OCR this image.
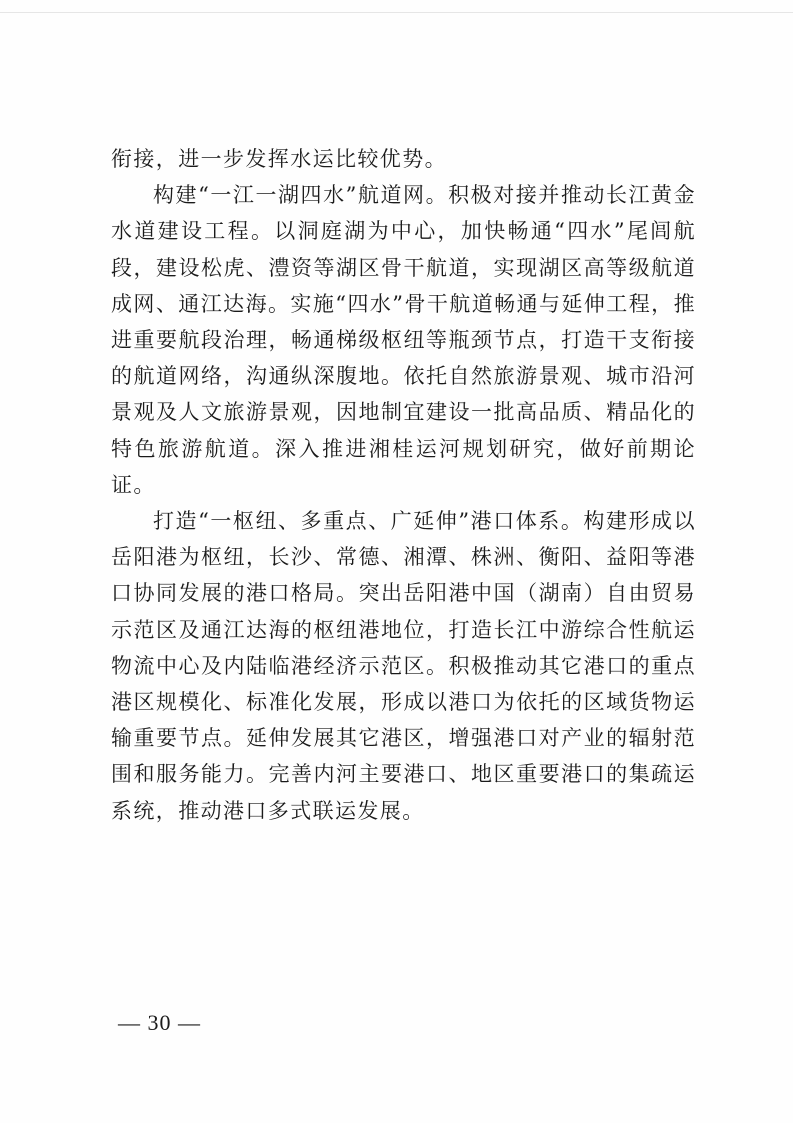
衔接，进一步发挥水运比较优势。

构建“一江一湖四水”航道网。积极对接并推动长江黄金水道建设工程。以洞庭湖为中心，加快畅通“四水”尾闾航段，建设松虎、澧资等湖区骨干航道，实现湖区高等级航道成网、通江达海。实施“四水”骨干航道畅通与延伸工程，推进重要航段治理，畅通梯级枢纽等瓶颈节点，打造干支衔接的航道网络，沟通纵深腹地。依托自然旅游景观、城市沿河景观及人文旅游景观，因地制宜建设一批高品质、精品化的特色旅游航道。深入推进湘桂运河规划研究，做好前期论证。

打造“一枢纽、多重点、广延伸”港口体系。构建形成以岳阳港为枢纽，长沙、常德、湘潭、株洲、衡阳、益阳等港口协同发展的港口格局。突出岳阳港中国（湖南）自由贸易示范区及通江达海的枢纽港地位，打造长江中游综合性航运物流中心及内陆临港经济示范区。积极推动其它港口的重点港区规模化、标准化发展，形成以港口为依托的区域货物运输重要节点。延伸发展其它港区，增强港口对产业的辐射范围和服务能力。完善内河主要港口、地区重要港口的集疏运系统，推动港口多式联运发展。

— 30 —
